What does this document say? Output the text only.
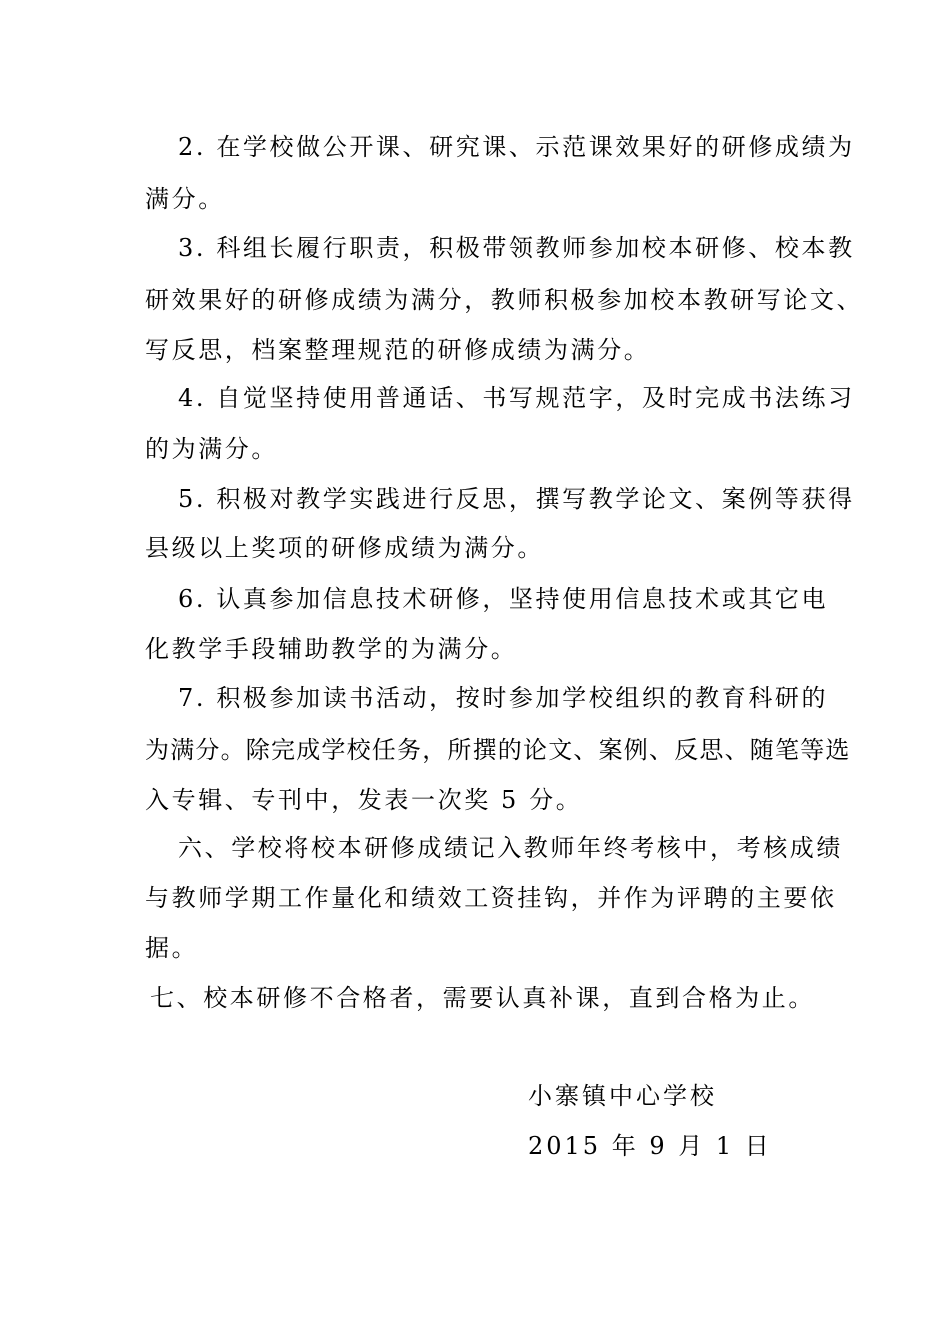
2. 在学校做公开课、研究课、示范课效果好的研修成绩为
满分。
3. 科组长履行职责，积极带领教师参加校本研修、校本教
研效果好的研修成绩为满分，教师积极参加校本教研写论文、
写反思，档案整理规范的研修成绩为满分。
4. 自觉坚持使用普通话、书写规范字，及时完成书法练习
的为满分。
5. 积极对教学实践进行反思，撰写教学论文、案例等获得
县级以上奖项的研修成绩为满分。
6. 认真参加信息技术研修，坚持使用信息技术或其它电
化教学手段辅助教学的为满分。
7. 积极参加读书活动，按时参加学校组织的教育科研的
为满分。除完成学校任务，所撰的论文、案例、反思、随笔等选
入专辑、专刊中，发表一次奖 5 分。
六、学校将校本研修成绩记入教师年终考核中，考核成绩
与教师学期工作量化和绩效工资挂钩，并作为评聘的主要依
据。
七、校本研修不合格者，需要认真补课，直到合格为止。
小寨镇中心学校
2015 年 9 月 1 日
